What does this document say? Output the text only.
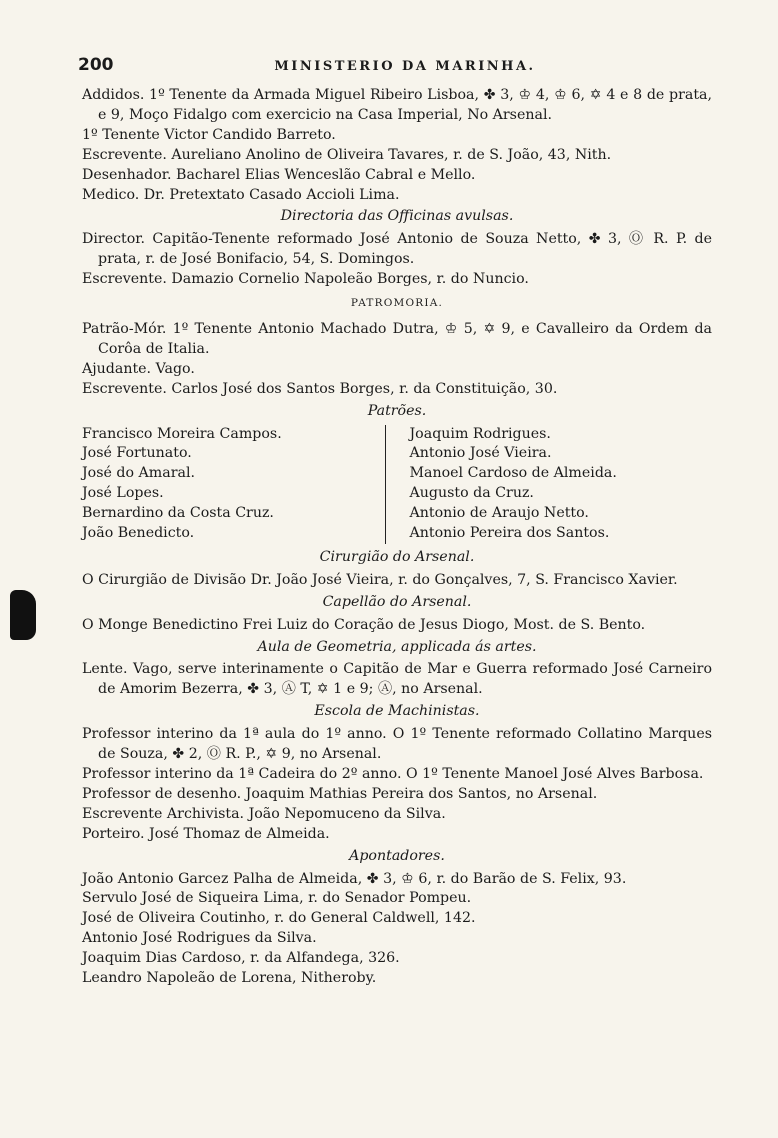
200	MINISTERIO DA MARINHA.

Addidos. 1º Tenente da Armada Miguel Ribeiro Lisboa, ✤ 3, ♔ 4, ♔ 6, ✡ 4 e 8 de prata, e 9, Moço Fidalgo com exercicio na Casa Imperial, No Arsenal.

1º Tenente Victor Candido Barreto.

Escrevente. Aureliano Anolino de Oliveira Tavares, r. de S. João, 43, Nith.

Desenhador. Bacharel Elias Wenceslão Cabral e Mello.

Medico. Dr. Pretextato Casado Accioli Lima.

Directoria das Officinas avulsas.

Director. Capitão-Tenente reformado José Antonio de Souza Netto, ✤ 3, Ⓞ R. P. de prata, r. de José Bonifacio, 54, S. Domingos.

Escrevente. Damazio Cornelio Napoleão Borges, r. do Nuncio.

PATROMORIA.

Patrão-Mór. 1º Tenente Antonio Machado Dutra, ♔ 5, ✡ 9, e Cavalleiro da Ordem da Corôa de Italia.

Ajudante. Vago.

Escrevente. Carlos José dos Santos Borges, r. da Constituição, 30.

Patrões.
Francisco Moreira Campos.
José Fortunato.
José do Amaral.
José Lopes.
Bernardino da Costa Cruz.
João Benedicto.
Joaquim Rodrigues.
Antonio José Vieira.
Manoel Cardoso de Almeida.
Augusto da Cruz.
Antonio de Araujo Netto.
Antonio Pereira dos Santos.
Cirurgião do Arsenal.

O Cirurgião de Divisão Dr. João José Vieira, r. do Gonçalves, 7, S. Francisco Xavier.

Capellão do Arsenal.

O Monge Benedictino Frei Luiz do Coração de Jesus Diogo, Most. de S. Bento.

Aula de Geometria, applicada ás artes.

Lente. Vago, serve interinamente o Capitão de Mar e Guerra reformado José Carneiro de Amorim Bezerra, ✤ 3, Ⓐ T, ✡ 1 e 9; Ⓐ, no Arsenal.

Escola de Machinistas.

Professor interino da 1ª aula do 1º anno. O 1º Tenente reformado Collatino Marques de Souza, ✤ 2, Ⓞ R. P., ✡ 9, no Arsenal.

Professor interino da 1ª Cadeira do 2º anno. O 1º Tenente Manoel José Alves Barbosa.

Professor de desenho. Joaquim Mathias Pereira dos Santos, no Arsenal.

Escrevente Archivista. João Nepomuceno da Silva.

Porteiro. José Thomaz de Almeida.

Apontadores.

João Antonio Garcez Palha de Almeida, ✤ 3, ♔ 6, r. do Barão de S. Felix, 93.

Servulo José de Siqueira Lima, r. do Senador Pompeu.

José de Oliveira Coutinho, r. do General Caldwell, 142.

Antonio José Rodrigues da Silva.

Joaquim Dias Cardoso, r. da Alfandega, 326.

Leandro Napoleão de Lorena, Nitheroby.
